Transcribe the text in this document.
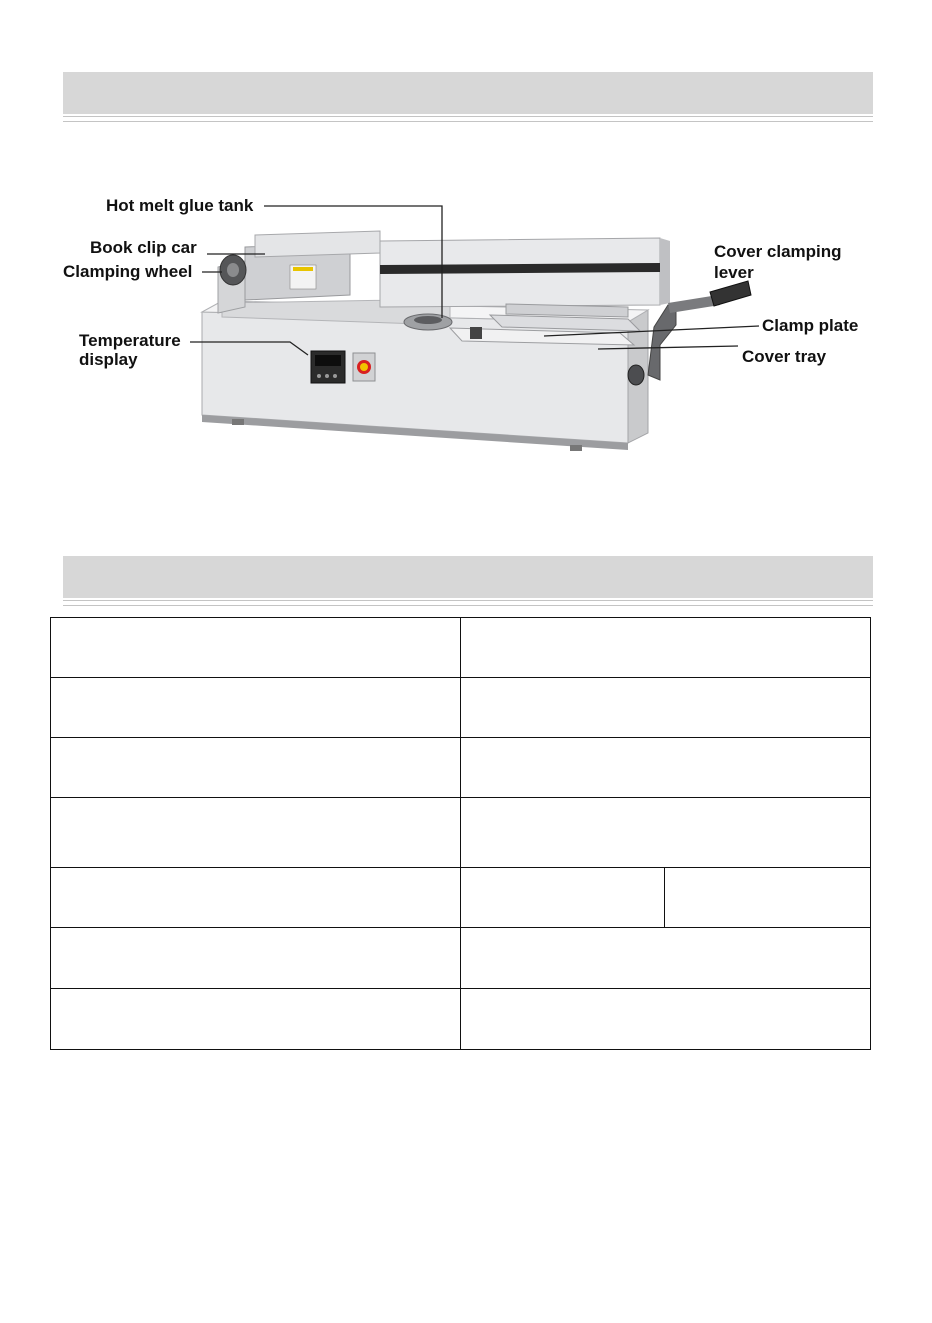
Hot melt glue tank
Book clip car
Clamping wheel
Temperature
display
Cover clamping
lever
Clamp plate
Cover tray
